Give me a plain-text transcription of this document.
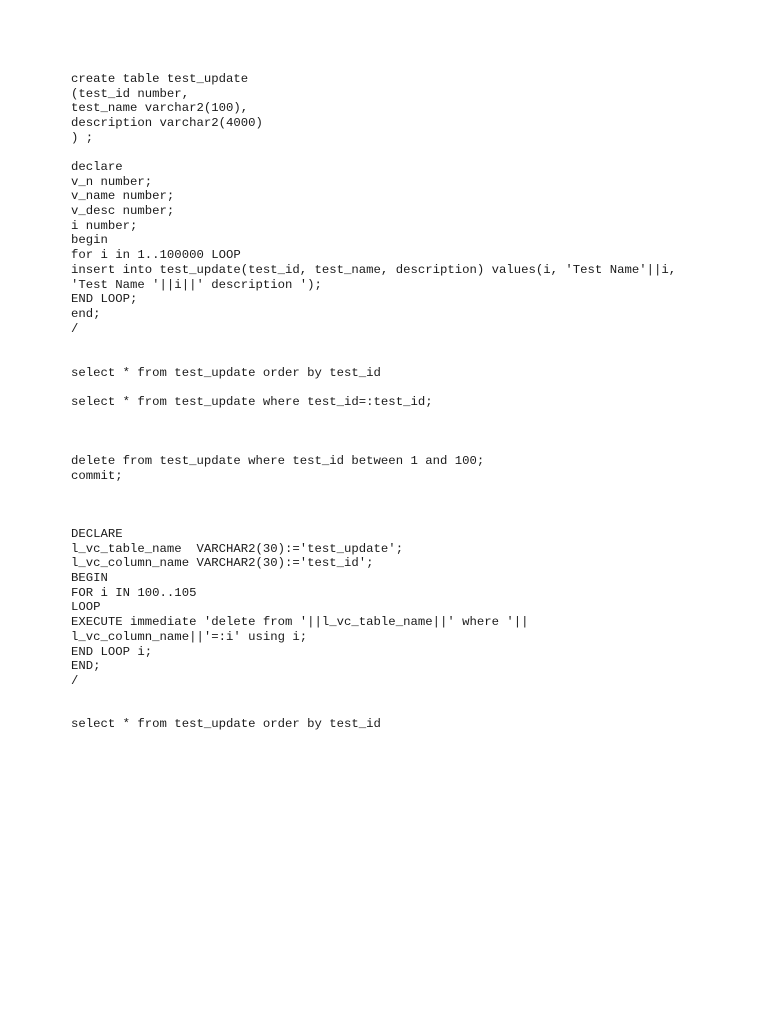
create table test_update
(test_id number,
test_name varchar2(100),
description varchar2(4000)
) ;
declare
v_n number;
v_name number;
v_desc number;
i number;
begin
for i in 1..100000 LOOP
insert into test_update(test_id, test_name, description) values(i, 'Test Name'||i,
'Test Name '||i||' description ');
END LOOP;
end;
/
select * from test_update order by test_id
select * from test_update where test_id=:test_id;
delete from test_update where test_id between 1 and 100;
commit;
DECLARE
l_vc_table_name  VARCHAR2(30):='test_update';
l_vc_column_name VARCHAR2(30):='test_id';
BEGIN
FOR i IN 100..105
LOOP
EXECUTE immediate 'delete from '||l_vc_table_name||' where '||
l_vc_column_name||'=:i' using i;
END LOOP i;
END;
/
select * from test_update order by test_id
